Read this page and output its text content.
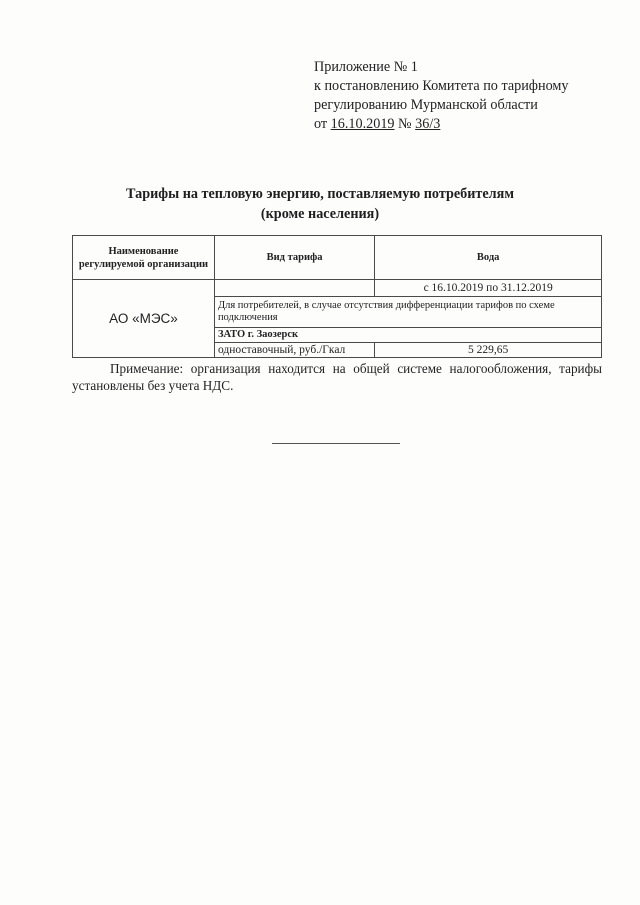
Приложение № 1
к постановлению Комитета по тарифному
регулированию Мурманской области
от 16.10.2019 № 36/3
Тарифы на тепловую энергию, поставляемую потребителям
(кроме населения)
Наименование регулируемой организации	Вид тарифа	Вода
АО «МЭС»		с 16.10.2019 по 31.12.2019
	Для потребителей, в случае отсутствия дифференциации тарифов по схеме подключения	
	ЗАТО г. Заозерск	
	одноставочный, руб./Гкал	5 229,65
Примечание: организация находится на общей системе налогообложения, тарифы установлены без учета НДС.
